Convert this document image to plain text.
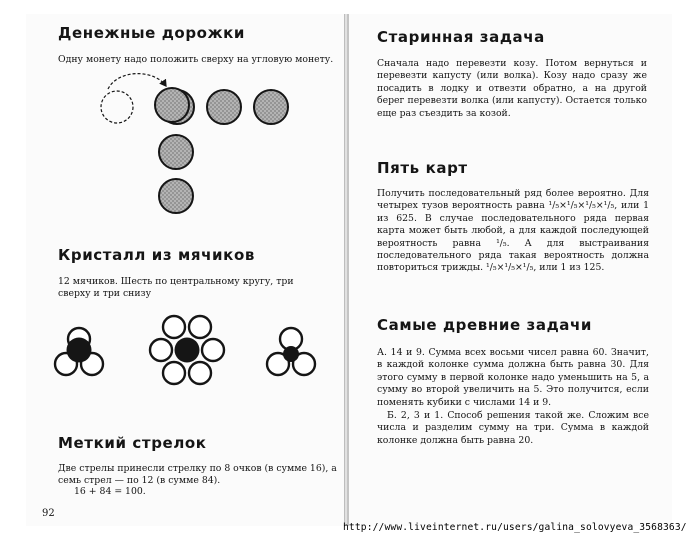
Денежные дорожки

Одну монету надо положить сверху на угловую монету.

Кристалл из мячиков

12 мячиков. Шесть по центральному кругу, три сверху и три снизу

Меткий стрелок

Две стрелы принесли стрелку по 8 очков (в сумме 16), а семь стрел — по 12 (в сумме 84).

16 + 84 = 100.

92
Старинная задача

Сначала надо перевезти козу. Потом вернуться и перевезти капусту (или волка). Козу надо сразу же посадить в лодку и отвезти обратно, а на другой берег перевезти волка (или капусту). Остается только еще раз съездить за козой.

Пять карт

Получить последовательный ряд более вероятно. Для четырех тузов вероятность равна ¹/₅×¹/₅×¹/₅×¹/₅, или 1 из 625. В случае последовательного ряда первая карта может быть любой, а для каждой последующей вероятность равна ¹/₅. А для выстраивания последовательного ряда такая вероятность должна повториться трижды. ¹/₅×¹/₅×¹/₅, или 1 из 125.

Самые древние задачи

А. 14 и 9. Сумма всех восьми чисел равна 60. Значит, в каждой колонке сумма должна быть равна 30. Для этого сумму в первой колонке надо уменьшить на 5, а сумму во второй увеличить на 5. Это получится, если поменять кубики с числами 14 и 9.

Б. 2, 3 и 1. Способ решения такой же. Сложим все числа и разделим сумму на три. Сумма в каждой колонке должна быть равна 20.

http://www.liveinternet.ru/users/galina_solovyeva_3568363/
